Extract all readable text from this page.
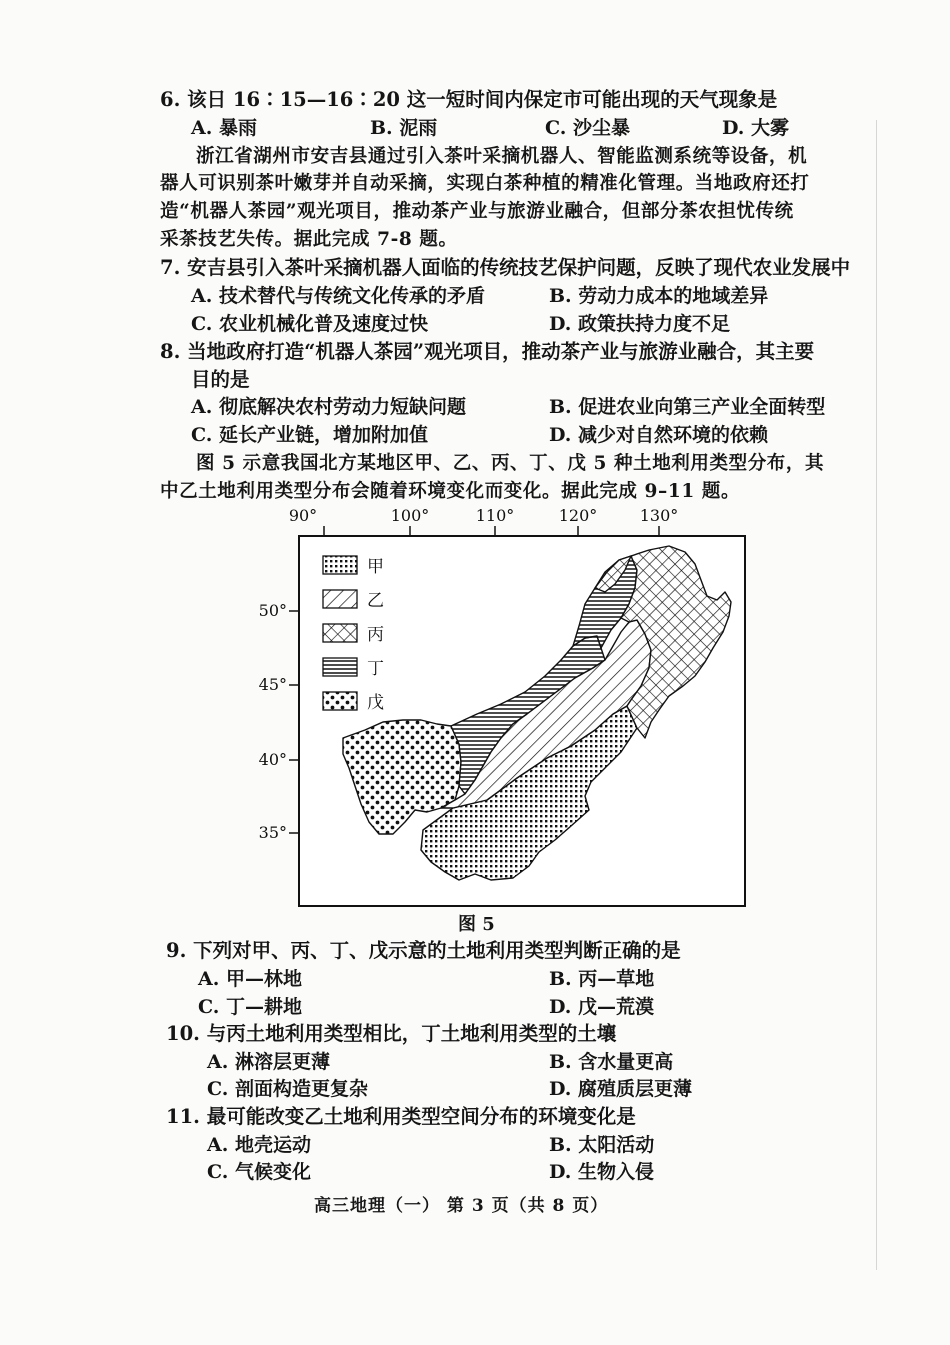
6. 该日 16∶15—16∶20 这一短时间内保定市可能出现的天气现象是
A. 暴雨	B. 泥雨	C. 沙尘暴	D. 大雾
浙江省湖州市安吉县通过引入茶叶采摘机器人、智能监测系统等设备，机
器人可识别茶叶嫩芽并自动采摘，实现白茶种植的精准化管理。当地政府还打
造“机器人茶园”观光项目，推动茶产业与旅游业融合，但部分茶农担忧传统
采茶技艺失传。据此完成 7-8 题。
7. 安吉县引入茶叶采摘机器人面临的传统技艺保护问题，反映了现代农业发展中
A. 技术替代与传统文化传承的矛盾	B. 劳动力成本的地域差异
C. 农业机械化普及速度过快	D. 政策扶持力度不足
8. 当地政府打造“机器人茶园”观光项目，推动茶产业与旅游业融合，其主要
目的是
A. 彻底解决农村劳动力短缺问题	B. 促进农业向第三产业全面转型
C. 延长产业链，增加附加值	D. 减少对自然环境的依赖
图 5 示意我国北方某地区甲、乙、丙、丁、戊 5 种土地利用类型分布，其
中乙土地利用类型分布会随着环境变化而变化。据此完成 9–11 题。
90°	100°	110°	120°	130°
50°
45°
40°
35°
甲
乙
丙
丁
戊
图 5
9. 下列对甲、丙、丁、戊示意的土地利用类型判断正确的是
A. 甲—林地	B. 丙—草地
C. 丁—耕地	D. 戊—荒漠
10. 与丙土地利用类型相比，丁土地利用类型的土壤
A. 淋溶层更薄	B. 含水量更高
C. 剖面构造更复杂	D. 腐殖质层更薄
11. 最可能改变乙土地利用类型空间分布的环境变化是
A. 地壳运动	B. 太阳活动
C. 气候变化	D. 生物入侵
高三地理（一） 第 3 页（共 8 页）
